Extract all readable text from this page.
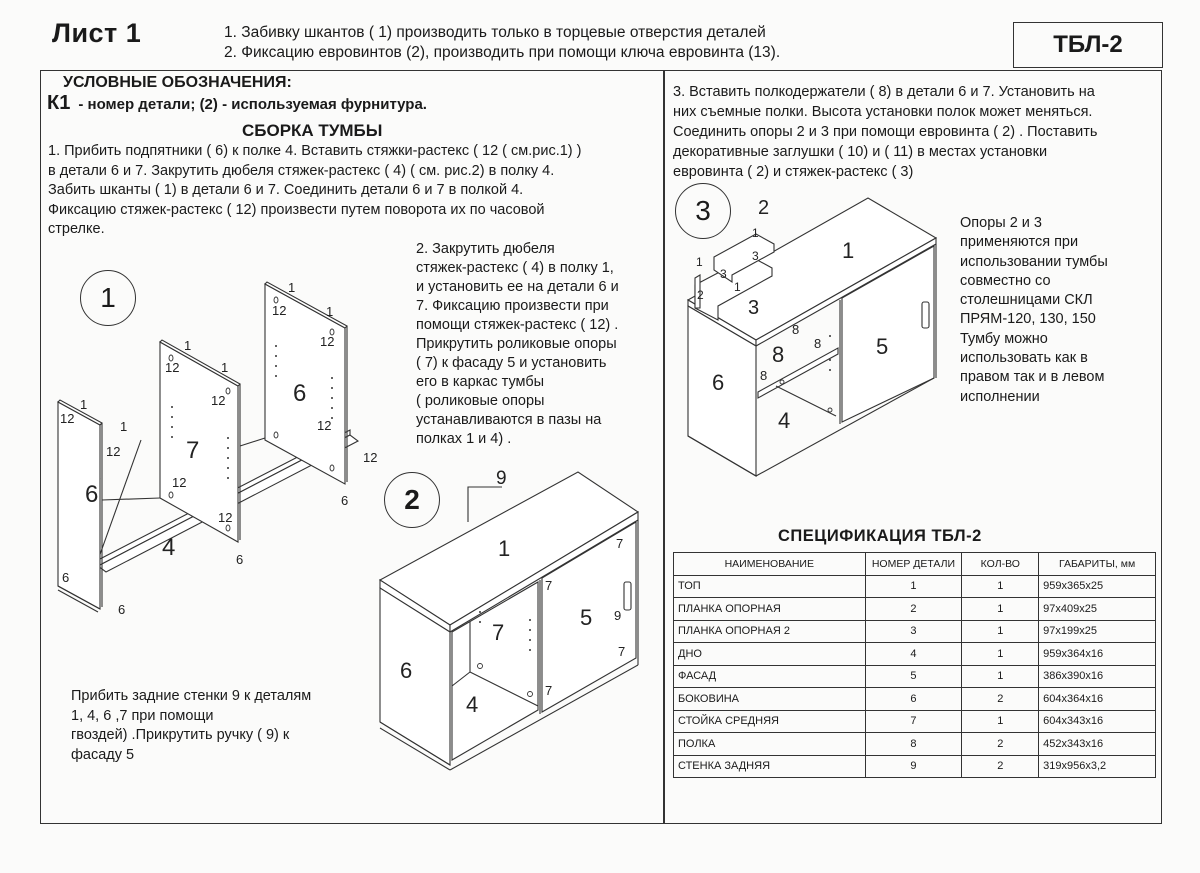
Лист 1	1. Забивку шкантов ( 1) производить только в торцевые отверстия деталей
2. Фиксацию евровинтов (2), производить при помощи ключа евровинта (13).	ТБЛ-2
УСЛОВНЫЕ ОБОЗНАЧЕНИЯ:
К1 - номер детали; (2) - используемая фурнитура.
СБОРКА ТУМБЫ
1. Прибить подпятники ( 6) к полке 4. Вставить стяжки-растекс ( 12 ( см.рис.1) )
в детали 6 и 7. Закрутить дюбеля стяжек-растекс ( 4) ( см. рис.2) в полку 4.
Забить шканты ( 1) в детали 6 и 7. Соединить детали 6 и 7 в полкой 4.
Фиксацию стяжек-растекс ( 12) произвести путем поворота их по часовой
стрелке.
2. Закрутить дюбеля
стяжек-растекс ( 4) в полку 1,
и установить ее на детали 6 и
7. Фиксацию произвести при
помощи стяжек-растекс ( 12) .
Прикрутить роликовые опоры
( 7) к фасаду 5 и установить
его в каркас тумбы
( роликовые опоры
устанавливаются в пазы на
полках 1 и 4) .
3. Вставить полкодержатели ( 8) в детали 6 и 7. Установить на
них съемные полки. Высота установки полок может меняться.
Соединить опоры 2 и 3 при помощи евровинта ( 2) . Поставить
декоративные заглушки ( 10) и ( 11) в местах установки
евровинта ( 2) и стяжек-растекс ( 3)
Опоры 2 и 3
применяются при
использовании тумбы
совместно со
столешницами СКЛ
ПРЯМ-120, 130, 150
Тумбу можно
использовать как в
правом так и в левом
исполнении
Прибить задние стенки 9 к деталям
1, 4, 6 ,7 при помощи
гвоздей) .Прикрутить ручку ( 9) к
фасаду 5
1
6
7
6
4
1
1
1
1
1
1
12
12
12
12
12
12
12
12
12
12
6
6
6
6 2
9
1
6
7
4
5 9
7
7
7
7
3 2
1
3
1
3
1
2
3
1
6
8
8
8
8
4
5
СПЕЦИФИКАЦИЯ ТБЛ-2
НАИМЕНОВАНИЕ	НОМЕР ДЕТАЛИ	КОЛ-ВО	ГАБАРИТЫ, мм
ТОП	1	1	959x365x25
ПЛАНКА ОПОРНАЯ	2	1	97x409x25
ПЛАНКА ОПОРНАЯ 2	3	1	97x199x25
ДНО	4	1	959x364x16
ФАСАД	5	1	386x390x16
БОКОВИНА	6	2	604x364x16
СТОЙКА СРЕДНЯЯ	7	1	604x343x16
ПОЛКА	8	2	452x343x16
СТЕНКА ЗАДНЯЯ	9	2	319x956x3,2
